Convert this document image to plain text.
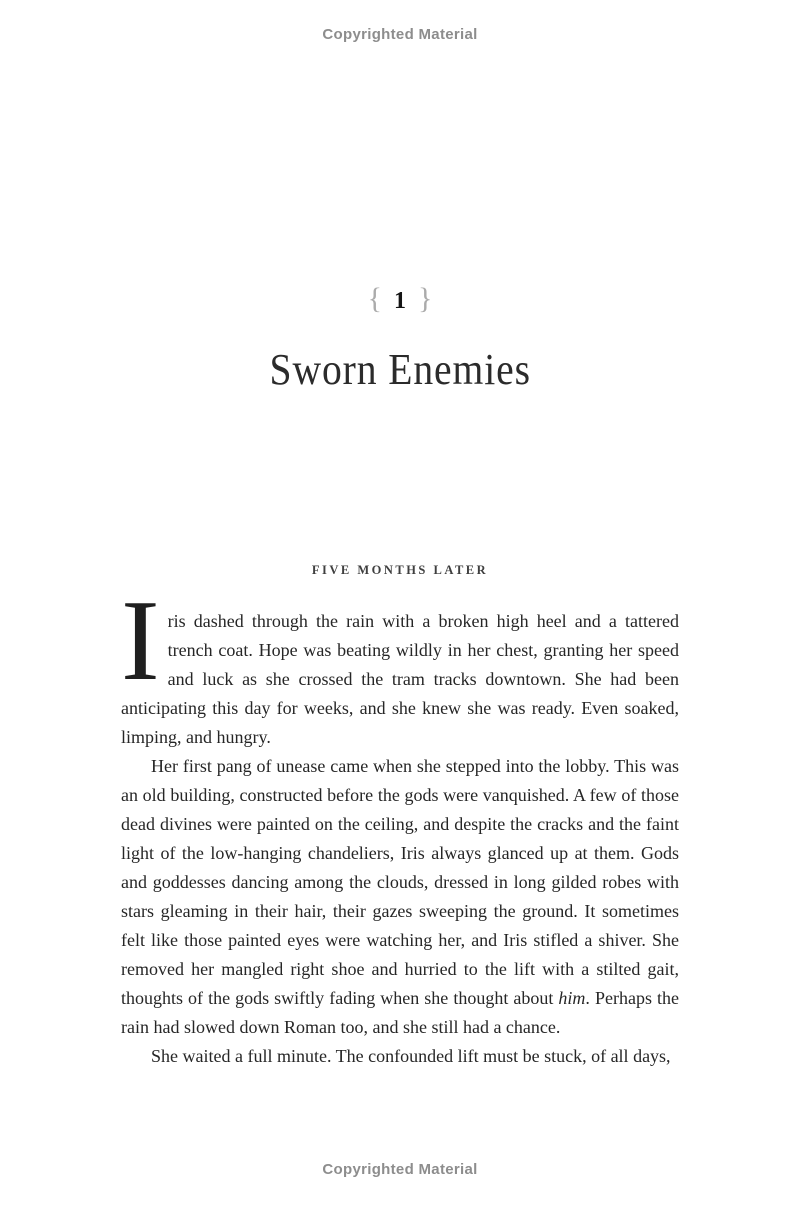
Copyrighted Material
{ 1 }
Sworn Enemies
FIVE MONTHS LATER

Iris dashed through the rain with a broken high heel and a tattered trench coat. Hope was beating wildly in her chest, granting her speed and luck as she crossed the tram tracks downtown. She had been anticipating this day for weeks, and she knew she was ready. Even soaked, limping, and hungry.

Her first pang of unease came when she stepped into the lobby. This was an old building, constructed before the gods were vanquished. A few of those dead divines were painted on the ceiling, and despite the cracks and the faint light of the low-hanging chandeliers, Iris always glanced up at them. Gods and goddesses dancing among the clouds, dressed in long gilded robes with stars gleaming in their hair, their gazes sweeping the ground. It sometimes felt like those painted eyes were watching her, and Iris stifled a shiver. She removed her mangled right shoe and hurried to the lift with a stilted gait, thoughts of the gods swiftly fading when she thought about him. Perhaps the rain had slowed down Roman too, and she still had a chance.

She waited a full minute. The confounded lift must be stuck, of all days,

Copyrighted Material
